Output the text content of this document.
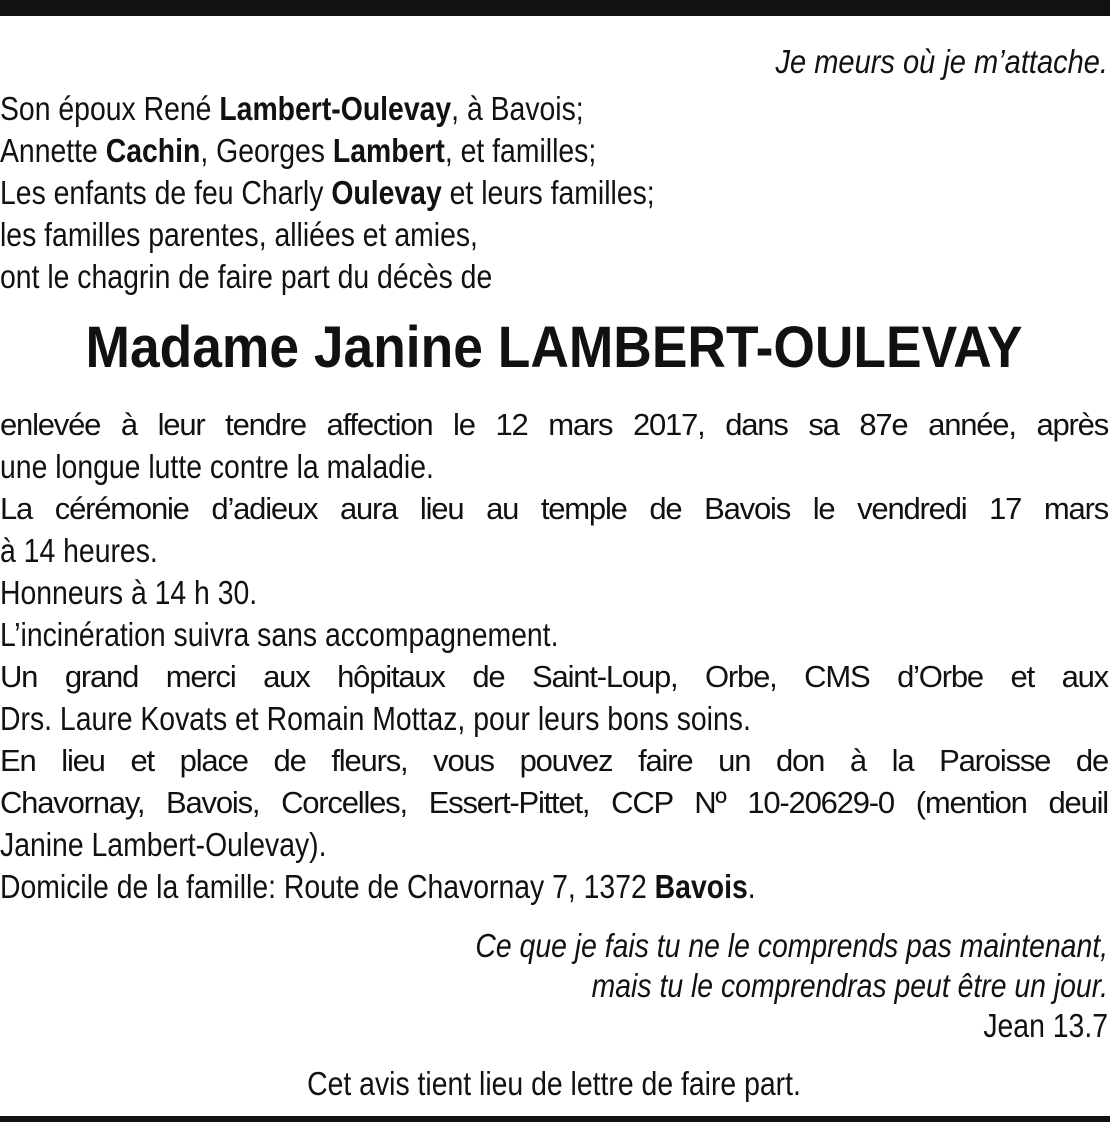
Je meurs où je m’attache.
Son époux René Lambert-Oulevay, à Bavois;
Annette Cachin, Georges Lambert, et familles;
Les enfants de feu Charly Oulevay et leurs familles;
les familles parentes, alliées et amies,
ont le chagrin de faire part du décès de
Madame Janine LAMBERT-OULEVAY
enlevée à leur tendre affection le 12 mars 2017, dans sa 87e année, après
une longue lutte contre la maladie.
La cérémonie d’adieux aura lieu au temple de Bavois le vendredi 17 mars
à 14 heures.
Honneurs à 14 h 30.
L’incinération suivra sans accompagnement.
Un grand merci aux hôpitaux de Saint-Loup, Orbe, CMS d’Orbe et aux
Drs. Laure Kovats et Romain Mottaz, pour leurs bons soins.
En lieu et place de fleurs, vous pouvez faire un don à la Paroisse de
Chavornay, Bavois, Corcelles, Essert-Pittet, CCP Nº 10-20629-0 (mention deuil
Janine Lambert-Oulevay).
Domicile de la famille: Route de Chavornay 7, 1372 Bavois.
Ce que je fais tu ne le comprends pas maintenant,
mais tu le comprendras peut être un jour.
Jean 13.7
Cet avis tient lieu de lettre de faire part.
